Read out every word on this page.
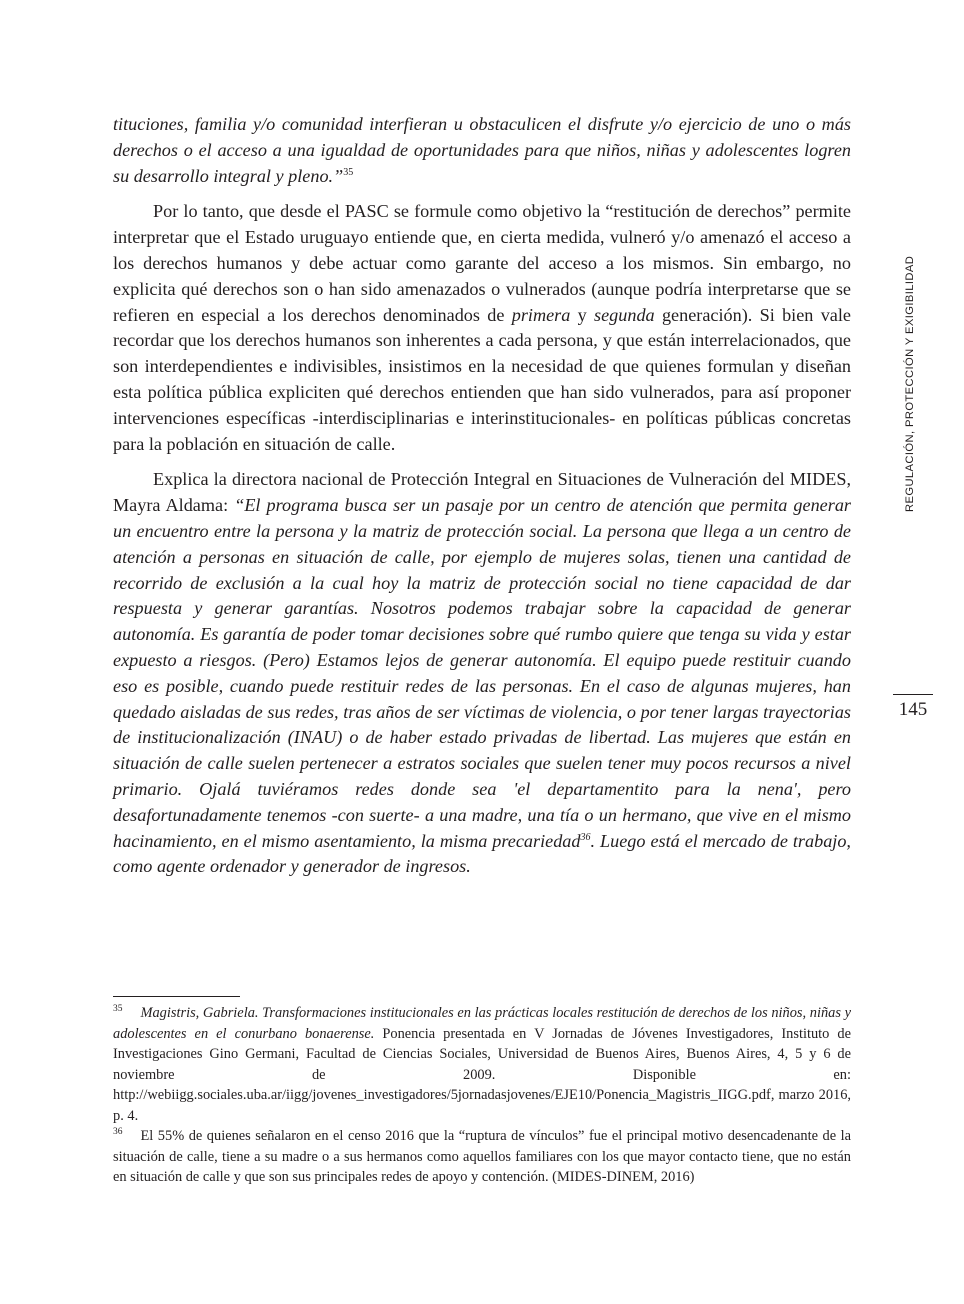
tituciones, familia y/o comunidad interfieran u obstaculicen el disfrute y/o ejercicio de uno o más derechos o el acceso a una igualdad de oportunidades para que niños, niñas y adolescentes logren su desarrollo integral y pleno.”$^{35}$

Por lo tanto, que desde el PASC se formule como objetivo la “restitución de derechos” permite interpretar que el Estado uruguayo entiende que, en cierta medida, vulneró y/o amenazó el acceso a los derechos humanos y debe actuar como garante del acceso a los mismos. Sin embargo, no explicita qué derechos son o han sido amenazados o vulnerados (aunque podría interpretarse que se refieren en especial a los derechos denominados de primera y segunda generación). Si bien vale recordar que los derechos humanos son inherentes a cada persona, y que están interrelacionados, que son interdependientes e indivisibles, insistimos en la necesidad de que quienes formulan y diseñan esta política pública expliciten qué derechos entienden que han sido vulnerados, para así proponer intervenciones específicas -interdisciplinarias e interinstitucionales- en políticas públicas concretas para la población en situación de calle.

Explica la directora nacional de Protección Integral en Situaciones de Vulneración del MIDES, Mayra Aldama: “El programa busca ser un pasaje por un centro de atención que permita generar un encuentro entre la persona y la matriz de protección social. La persona que llega a un centro de atención a personas en situación de calle, por ejemplo de mujeres solas, tienen una cantidad de recorrido de exclusión a la cual hoy la matriz de protección social no tiene capacidad de dar respuesta y generar garantías. Nosotros podemos trabajar sobre la capacidad de generar autonomía. Es garantía de poder tomar decisiones sobre qué rumbo quiere que tenga su vida y estar expuesto a riesgos. (Pero) Estamos lejos de generar autonomía. El equipo puede restituir cuando eso es posible, cuando puede restituir redes de las personas. En el caso de algunas mujeres, han quedado aisladas de sus redes, tras años de ser víctimas de violencia, o por tener largas trayectorias de institucionalización (INAU) o de haber estado privadas de libertad. Las mujeres que están en situación de calle suelen pertenecer a estratos sociales que suelen tener muy pocos recursos a nivel primario. Ojalá tuviéramos redes donde sea 'el departamentito para la nena', pero desafortunadamente tenemos -con suerte- a una madre, una tía o un hermano, que vive en el mismo hacinamiento, en el mismo asentamiento, la misma precariedad$^{36}$. Luego está el mercado de trabajo, como agente ordenador y generador de ingresos.

REGULACIÓN, PROTECCIÓN Y EXIGIBILIDAD
145

$^{35}$ Magistris, Gabriela. Transformaciones institucionales en las prácticas locales restitución de derechos de los niños, niñas y adolescentes en el conurbano bonaerense. Ponencia presentada en V Jornadas de Jóvenes Investigadores, Instituto de Investigaciones Gino Germani, Facultad de Ciencias Sociales, Universidad de Buenos Aires, Buenos Aires, 4, 5 y 6 de noviembre de 2009. Disponible en: http://webiigg.sociales.uba.ar/iigg/jovenes_investigadores/5jornadasjovenes/EJE10/Ponencia_Magistris_IIGG.pdf, marzo 2016, p. 4.

$^{36}$ El 55% de quienes señalaron en el censo 2016 que la “ruptura de vínculos” fue el principal motivo desencadenante de la situación de calle, tiene a su madre o a sus hermanos como aquellos familiares con los que mayor contacto tiene, que no están en situación de calle y que son sus principales redes de apoyo y contención. (MIDES-DINEM, 2016)
